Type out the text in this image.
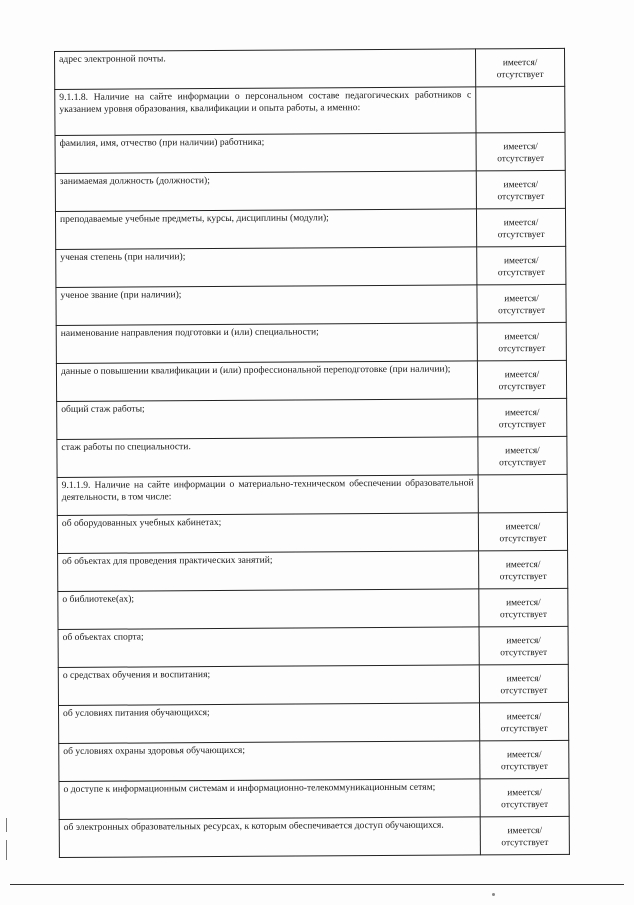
адрес электронной почты.	имеется/отсутствует
9.1.1.8. Наличие на сайте информации о персональном составе педагогических работников с указанием уровня образования, квалификации и опыта работы, а именно:	
фамилия, имя, отчество (при наличии) работника;	имеется/отсутствует
занимаемая должность (должности);	имеется/отсутствует
преподаваемые учебные предметы, курсы, дисциплины (модули);	имеется/отсутствует
ученая степень (при наличии);	имеется/отсутствует
ученое звание (при наличии);	имеется/отсутствует
наименование направления подготовки и (или) специальности;	имеется/отсутствует
данные о повышении квалификации и (или) профессиональной переподготовке (при наличии);	имеется/отсутствует
общий стаж работы;	имеется/отсутствует
стаж работы по специальности.	имеется/отсутствует
9.1.1.9. Наличие на сайте информации о материально-техническом обеспечении образовательной деятельности, в том числе:	
об оборудованных учебных кабинетах;	имеется/отсутствует
об объектах для проведения практических занятий;	имеется/отсутствует
о библиотеке(ах);	имеется/отсутствует
об объектах спорта;	имеется/отсутствует
о средствах обучения и воспитания;	имеется/отсутствует
об условиях питания обучающихся;	имеется/отсутствует
об условиях охраны здоровья обучающихся;	имеется/отсутствует
о доступе к информационным системам и информационно-телекоммуникационным сетям;	имеется/отсутствует
об электронных образовательных ресурсах, к которым обеспечивается доступ обучающихся.	имеется/отсутствует
